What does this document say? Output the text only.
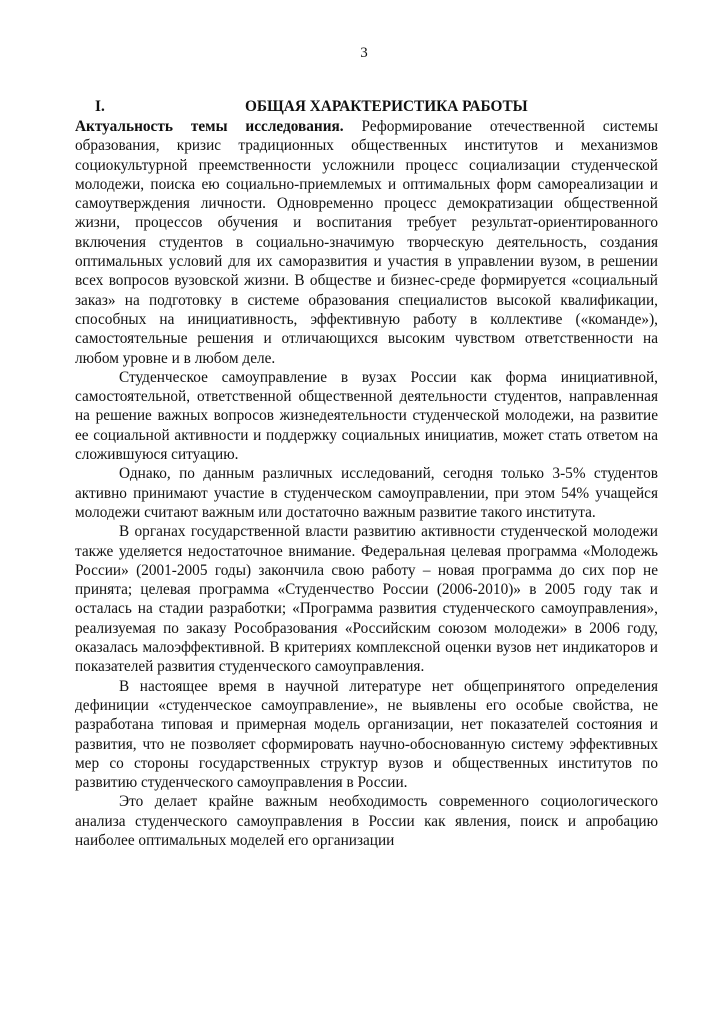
3
I.	ОБЩАЯ ХАРАКТЕРИСТИКА РАБОТЫ

Актуальность темы исследования. Реформирование отечественной системы образования, кризис традиционных общественных институтов и механизмов социокультурной преемственности усложнили процесс социализации студенческой молодежи, поиска ею социально-приемлемых и оптимальных форм самореализации и самоутверждения личности. Одновременно процесс демократизации общественной жизни, процессов обучения и воспитания требует результат-ориентированного включения студентов в социально-значимую творческую деятельность, создания оптимальных условий для их саморазвития и участия в управлении вузом, в решении всех вопросов вузовской жизни. В обществе и бизнес-среде формируется «социальный заказ» на подготовку в системе образования специалистов высокой квалификации, способных на инициативность, эффективную работу в коллективе («команде»), самостоятельные решения и отличающихся высоким чувством ответственности на любом уровне и в любом деле.

Студенческое самоуправление в вузах России как форма инициативной, самостоятельной, ответственной общественной деятельности студентов, направленная на решение важных вопросов жизнедеятельности студенческой молодежи, на развитие ее социальной активности и поддержку социальных инициатив, может стать ответом на сложившуюся ситуацию.

Однако, по данным различных исследований, сегодня только 3-5% студентов активно принимают участие в студенческом самоуправлении, при этом 54% учащейся молодежи считают важным или достаточно важным развитие такого института.

В органах государственной власти развитию активности студенческой молодежи также уделяется недостаточное внимание. Федеральная целевая программа «Молодежь России» (2001-2005 годы) закончила свою работу – новая программа до сих пор не принята; целевая программа «Студенчество России (2006-2010)» в 2005 году так и осталась на стадии разработки; «Программа развития студенческого самоуправления», реализуемая по заказу Рособразования «Российским союзом молодежи» в 2006 году, оказалась малоэффективной. В критериях комплексной оценки вузов нет индикаторов и показателей развития студенческого самоуправления.

В настоящее время в научной литературе нет общепринятого определения дефиниции «студенческое самоуправление», не выявлены его особые свойства, не разработана типовая и примерная модель организации, нет показателей состояния и развития, что не позволяет сформировать научно-обоснованную систему эффективных мер со стороны государственных структур вузов и общественных институтов по развитию студенческого самоуправления в России.

Это делает крайне важным необходимость современного социологического анализа студенческого самоуправления в России как явления, поиск и апробацию наиболее оптимальных моделей его организации
